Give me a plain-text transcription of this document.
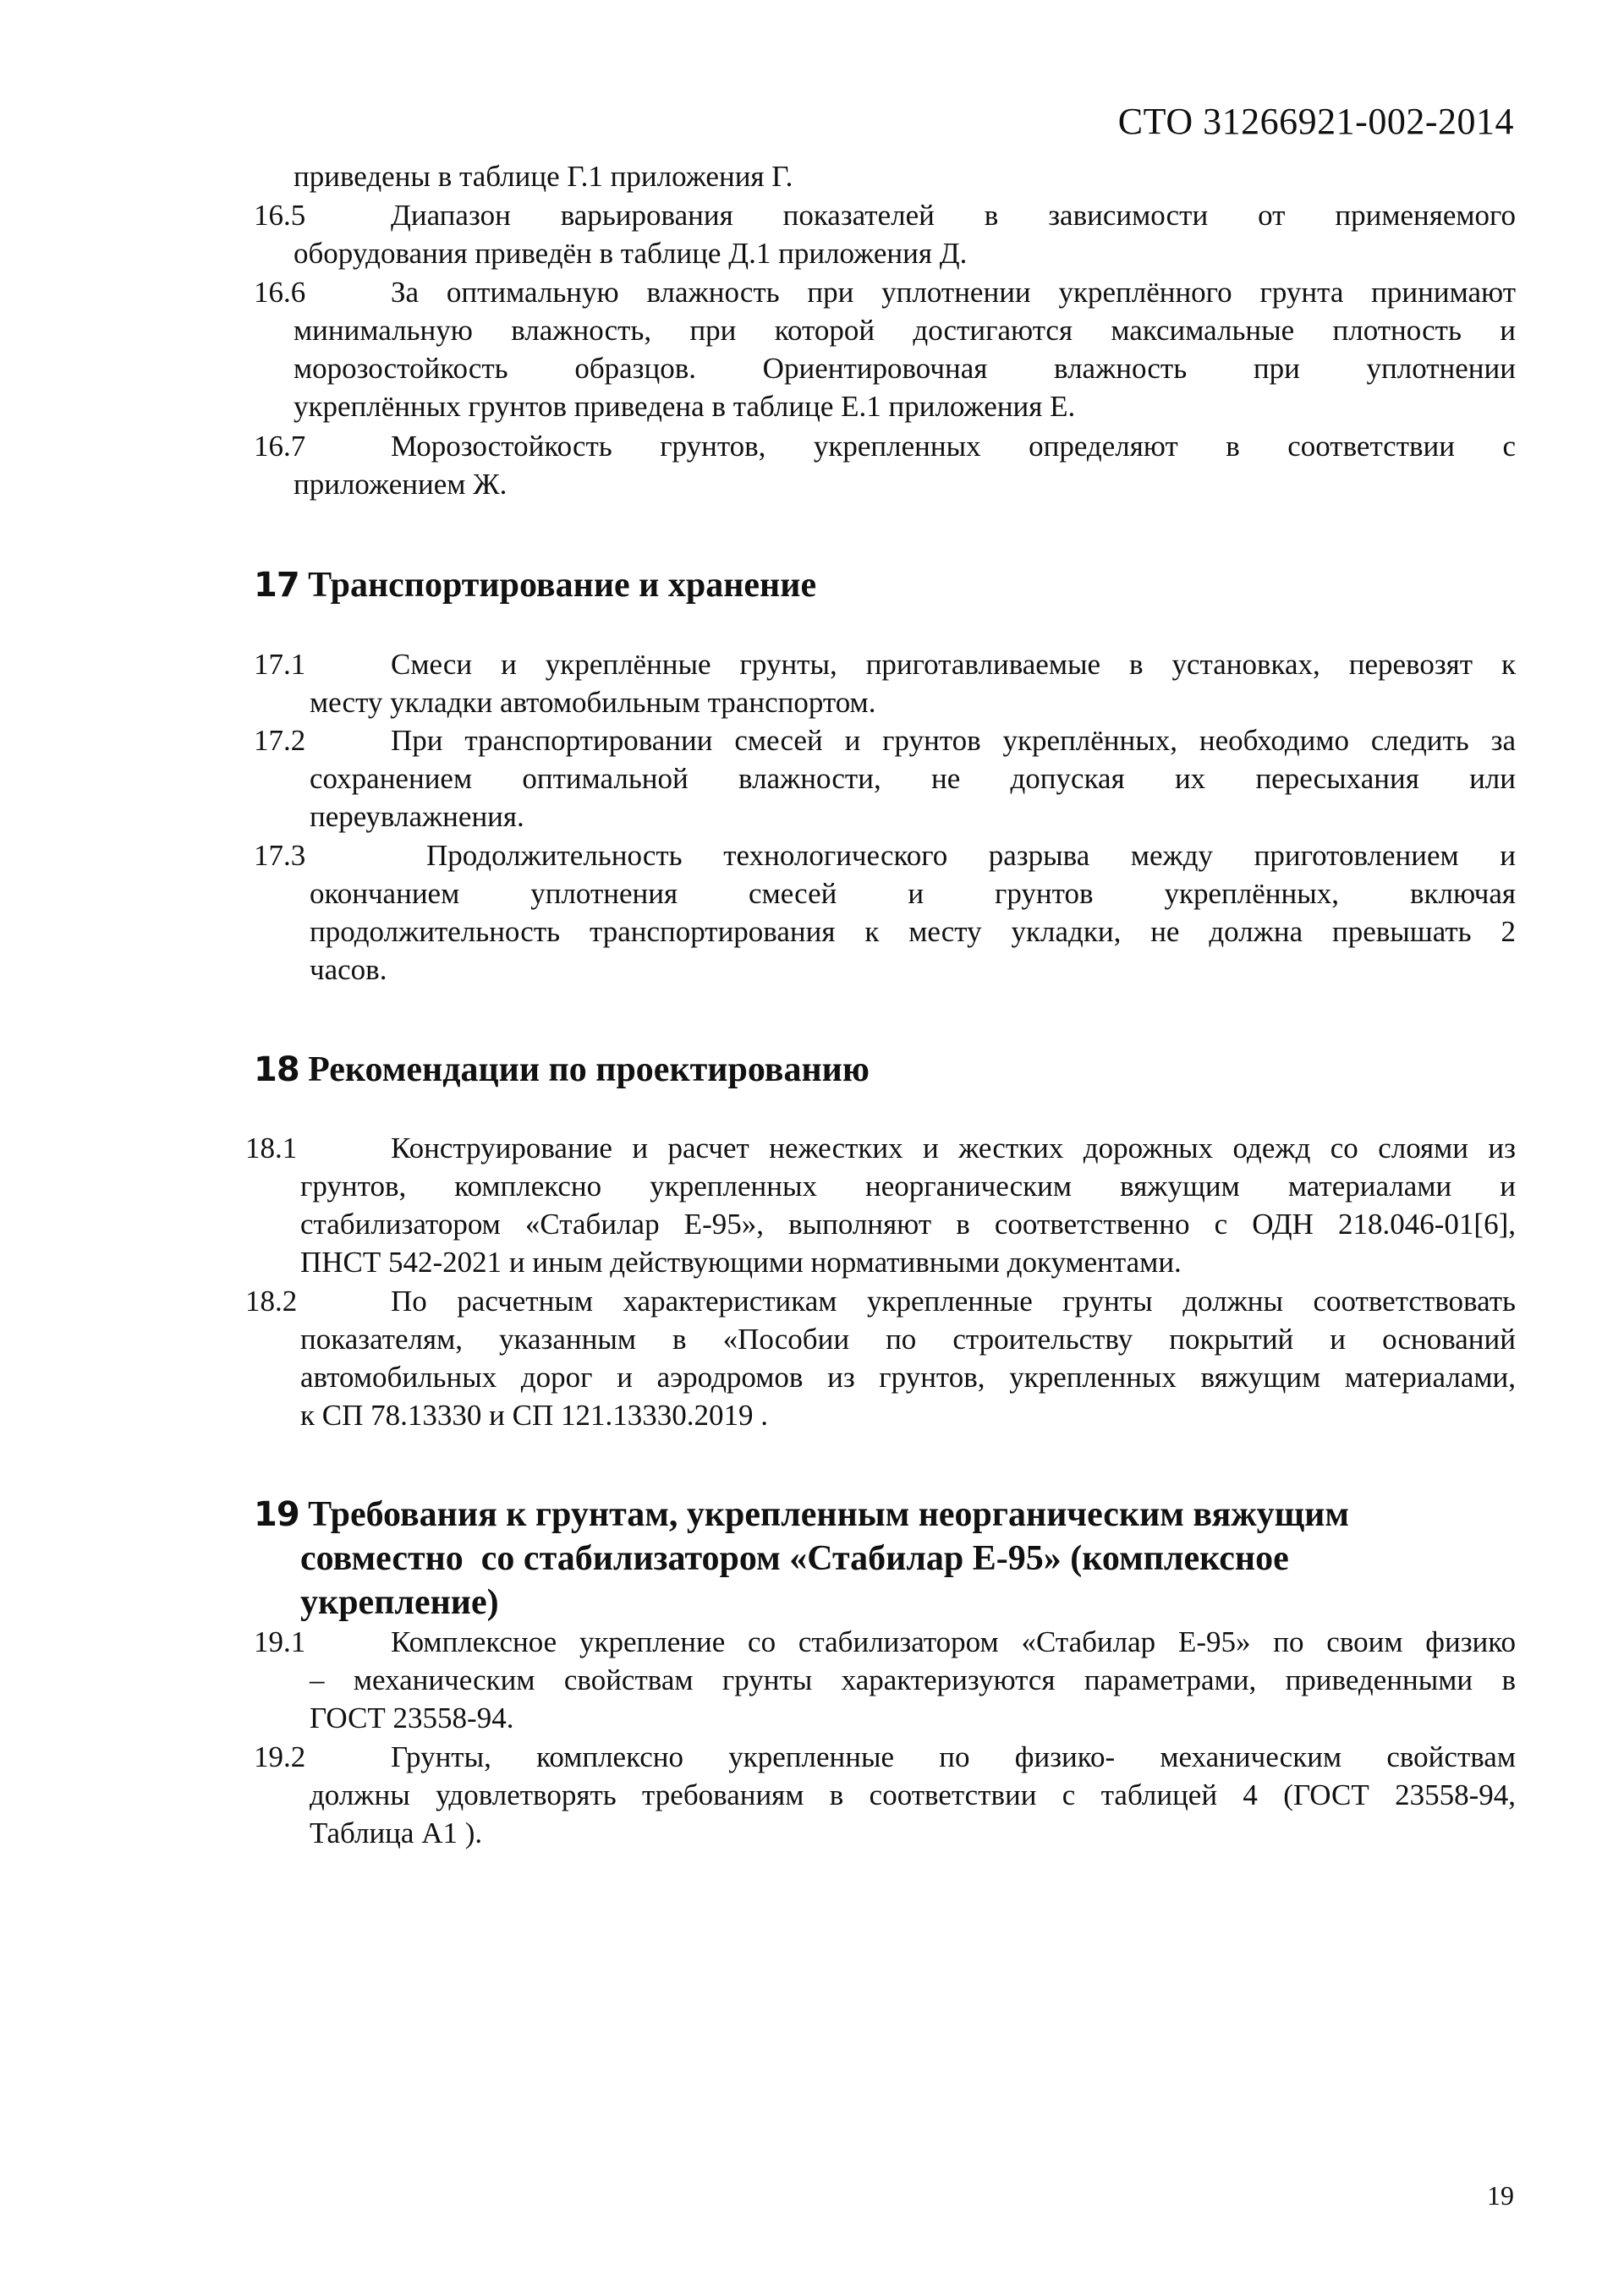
СТО 31266921-002-2014
приведены в таблице Г.1 приложения Г.
16.5	Диапазон варьирования показателей в зависимости от применяемого
оборудования приведён в таблице Д.1 приложения Д.
16.6	За оптимальную влажность при уплотнении укреплённого грунта принимают
минимальную влажность, при которой достигаются максимальные плотность и
морозостойкость образцов. Ориентировочная влажность при уплотнении
укреплённых грунтов приведена в таблице Е.1 приложения Е.
16.7	Морозостойкость грунтов, укрепленных определяют в соответствии с
приложением Ж.
17 Транспортирование и хранение
17.1	Смеси и укреплённые грунты, приготавливаемые в установках, перевозят к
месту укладки автомобильным транспортом.
17.2	При транспортировании смесей и грунтов укреплённых, необходимо следить за
сохранением оптимальной влажности, не допуская их пересыхания или
переувлажнения.
17.3	Продолжительность технологического разрыва между приготовлением и
окончанием уплотнения смесей и грунтов укреплённых, включая
продолжительность транспортирования к месту укладки, не должна превышать 2
часов.
18 Рекомендации по проектированию
18.1	Конструирование и расчет нежестких и жестких дорожных одежд со слоями из
грунтов, комплексно укрепленных неорганическим вяжущим материалами и
стабилизатором «Стабилар Е-95», выполняют в соответственно с ОДН 218.046-01[6],
ПНСТ 542-2021 и иным действующими нормативными документами.
18.2	По расчетным характеристикам укрепленные грунты должны соответствовать
показателям, указанным в «Пособии по строительству покрытий и оснований
автомобильных дорог и аэродромов из грунтов, укрепленных вяжущим материалами,
к СП 78.13330 и СП 121.13330.2019 .
19 Требования к грунтам, укрепленным неорганическим вяжущим
совместно  со стабилизатором «Стабилар Е-95» (комплексное
укрепление)
19.1	Комплексное укрепление со стабилизатором «Стабилар Е-95» по своим физико
– механическим свойствам грунты характеризуются параметрами, приведенными в
ГОСТ 23558-94.
19.2	Грунты, комплексно укрепленные по физико- механическим свойствам
должны удовлетворять требованиям в соответствии с таблицей 4 (ГОСТ 23558-94,
Таблица А1 ).
19
